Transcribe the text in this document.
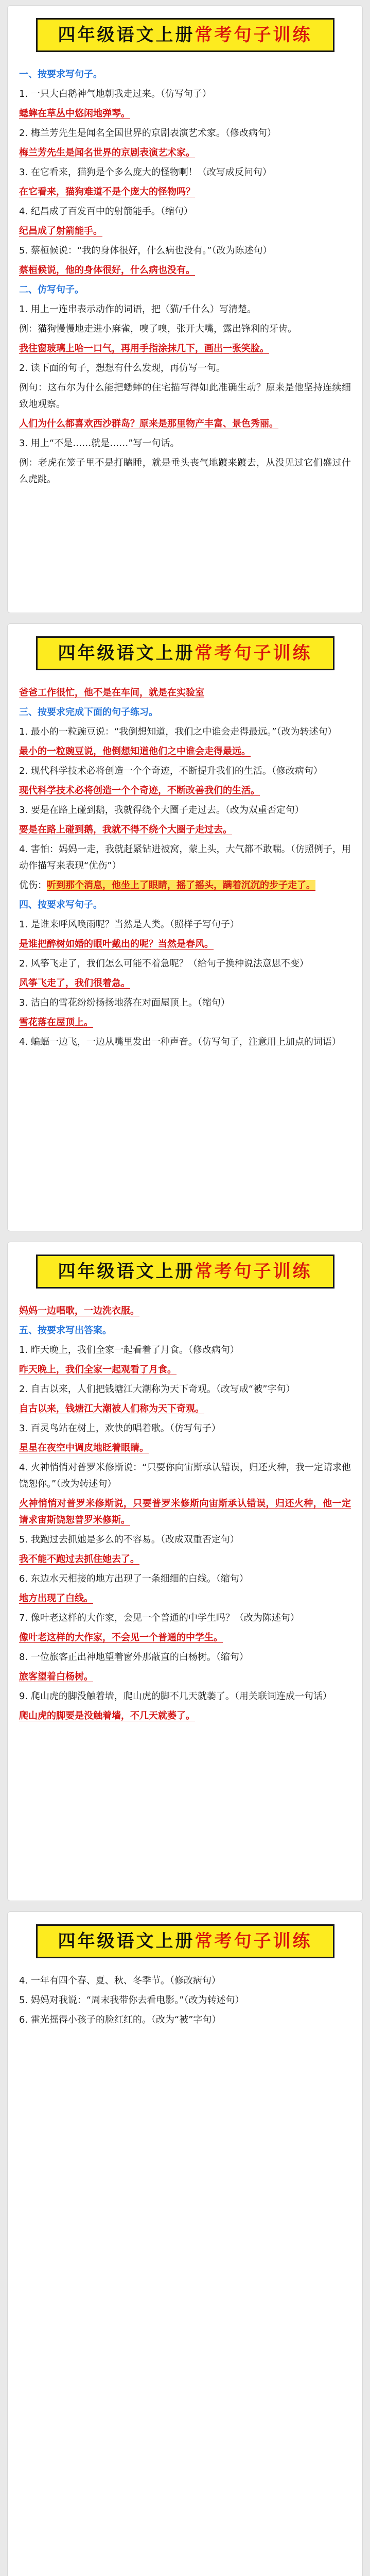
四年级语文上册常考句子训练
一、按要求写句子。
1. 一只大白鹅神气地朝我走过来。（仿写句子）
蟋蟀在草丛中悠闲地弹琴。
2. 梅兰芳先生是闻名全国世界的京剧表演艺术家。（修改病句）
梅兰芳先生是闻名世界的京剧表演艺术家。
3. 在它看来，猫狗是个多么庞大的怪物啊！（改写成反问句）
在它看来，猫狗难道不是个庞大的怪物吗？
4. 纪昌成了百发百中的射箭能手。（缩句）
纪昌成了射箭能手。
5. 蔡桓候说：“我的身体很好，什么病也没有。”（改为陈述句）
蔡桓候说，他的身体很好，什么病也没有。
二、仿写句子。
1. 用上一连串表示动作的词语，把（猫/千什么）写清楚。
例：猫狗慢慢地走进小麻雀，嗅了嗅，张开大嘴，露出锋利的牙齿。
我往窗玻璃上哈一口气，再用手指涂抹几下，画出一张笑脸。
2. 读下面的句子，想想有什么发现，再仿写一句。
例句：这布尔为什么能把蟋蟀的住宅描写得如此准确生动？原来是他坚持连续细致地观察。
人们为什么都喜欢西沙群岛？原来是那里物产丰富、景色秀丽。
3. 用上“不是……就是……”写一句话。
例：老虎在笼子里不是打瞌睡，就是垂头丧气地踱来踱去，从没见过它们盛过什么虎跳。
四年级语文上册常考句子训练
爸爸工作很忙，他不是在车间，就是在实验室
三、按要求完成下面的句子练习。
1. 最小的一粒豌豆说：“我倒想知道，我们之中谁会走得最远。”（改为转述句）
最小的一粒豌豆说，他倒想知道他们之中谁会走得最远。
2. 现代科学技术必将创造一个个奇迹，不断提升我们的生活。（修改病句）
现代科学技术必将创造一个个奇迹，不断改善我们的生活。
3. 要是在路上碰到鹅，我就得绕个大圈子走过去。（改为双重否定句）
要是在路上碰到鹅，我就不得不绕个大圈子走过去。
4. 害怕：妈妈一走，我就赶紧钻进被窝，蒙上头，大气都不敢喘。（仿照例子，用动作描写来表现“优伤”）
优伤：听到那个消息，他坐上了眼睛，摇了摇头，蹒着沉沉的步子走了。
四、按要求写句子。
1. 是谁来呼风唤雨呢？当然是人类。（照样子写句子）
是谁把醉树如婚的眼叶戴出的呢？当然是春风。
2. 风筝飞走了，我们怎么可能不着急呢？（给句子换种说法意思不变）
风筝飞走了，我们很着急。
3. 洁白的雪花纷纷扬扬地落在对面屋顶上。（缩句）
雪花落在屋顶上。
4. 蝙蝠一边飞，一边从嘴里发出一种声音。（仿写句子，注意用上加点的词语）
四年级语文上册常考句子训练
妈妈一边唱歌，一边洗衣服。
五、按要求写出答案。
1. 昨天晚上，我们全家一起看着了月食。（修改病句）
昨天晚上，我们全家一起观看了月食。
2. 自古以来，人们把钱塘江大潮称为天下奇观。（改写成“被”字句）
自古以来，钱塘江大潮被人们称为天下奇观。
3. 百灵鸟站在树上，欢快的唱着歌。（仿写句子）
星星在夜空中调皮地眨着眼睛。
4. 火神悄悄对普罗米修斯说：“只要你向宙斯承认错误，归还火种，我一定请求他饶恕你。”（改为转述句）
火神悄悄对普罗米修斯说，只要普罗米修斯向宙斯承认错误，归还火种，他一定请求宙斯饶恕普罗米修斯。
5. 我跑过去抓她是多么的不容易。（改成双重否定句）
我不能不跑过去抓住她去了。
6. 东边水天相接的地方出现了一条细细的白线。（缩句）
地方出现了白线。
7. 像叶老这样的大作家，会见一个普通的中学生吗？（改为陈述句）
像叶老这样的大作家，不会见一个普通的中学生。
8. 一位旅客正出神地望着窗外那蔽直的白杨树。（缩句）
旅客望着白杨树。
9. 爬山虎的脚没触着墙，爬山虎的脚不几天就萎了。（用关联词连成一句话）
爬山虎的脚要是没触着墙，不几天就萎了。
四年级语文上册常考句子训练
4. 一年有四个春、夏、秋、冬季节。（修改病句）
5. 妈妈对我说：“周末我带你去看电影。”（改为转述句）
6. 霍光摇得小孩子的脸红红的。（改为“被”字句）
